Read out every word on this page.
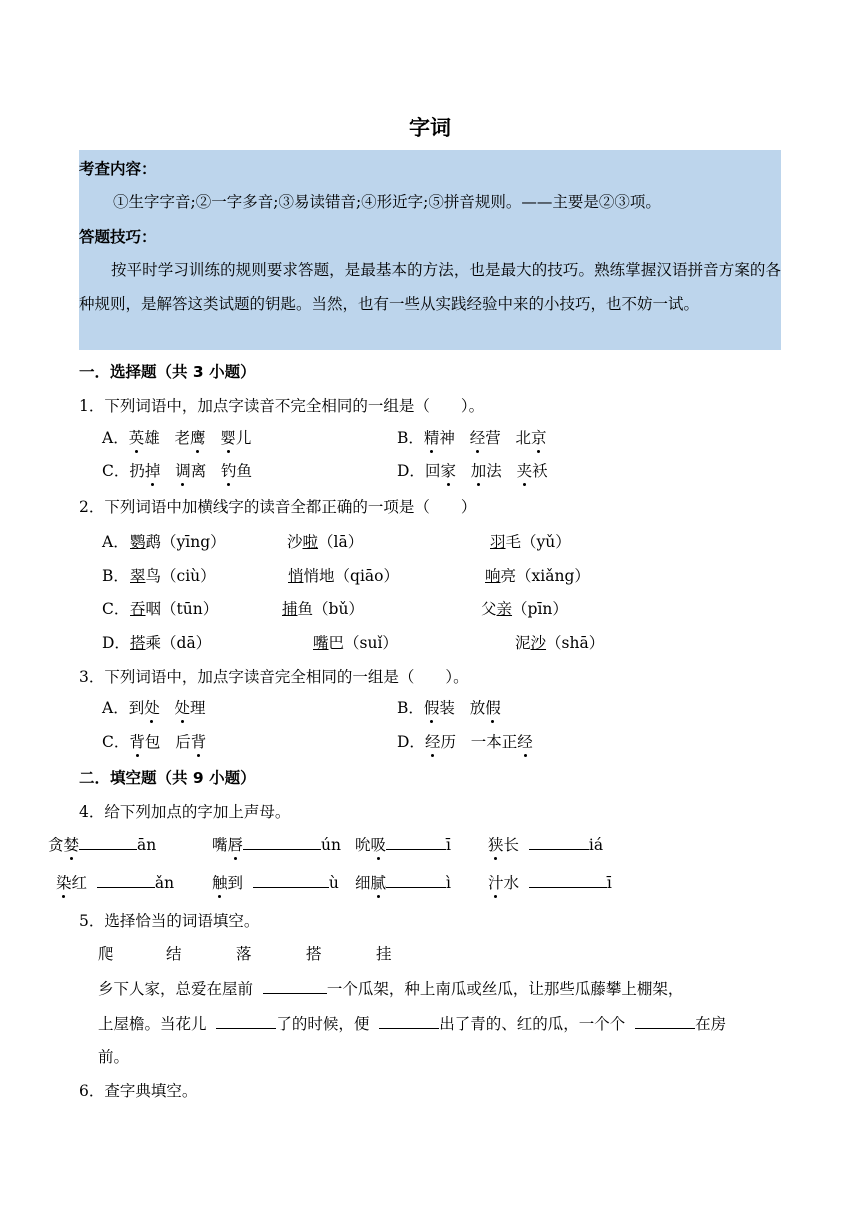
字词
考查内容：
①生字字音;②一字多音;③易读错音;④形近字;⑤拼音规则。——主要是②③项。
答题技巧：
按平时学习训练的规则要求答题，是最基本的方法，也是最大的技巧。熟练掌握汉语拼音方案的各种规则，是解答这类试题的钥匙。当然，也有一些从实践经验中来的小技巧，也不妨一试。
一．选择题（共 3 小题）
1．下列词语中，加点字读音不完全相同的一组是（　　）。
A．英雄 老鹰 婴儿	B．精神 经营 北京
C．扔掉 调离 钓鱼	D．回家 加法 夹袄
2．下列词语中加横线字的读音全都正确的一项是（　　）
A． 鹦鹉（yīng）	沙啦（lā）	羽毛（yǔ）
B． 翠鸟（ciù）	悄悄地（qiāo）	响亮（xiǎng）
C． 吞咽（tūn）	捕鱼（bǔ）	父亲（pīn）
D． 搭乘（dā）	嘴巴（suǐ）	泥沙（shā）
3．下列词语中，加点字读音完全相同的一组是（　　）。
A．到处 处理	B．假装 放假
C．背包 后背	D．经历 一本正经
二．填空题（共 9 小题）
4．给下列加点的字加上声母。
贪婪	ān	嘴唇	ún 吮吸	ī 狭长	iá
染红	ǎn 触到	ù 细腻	ì 汁水	ī
5．选择恰当的词语填空。
爬	结	落	搭	挂
乡下人家，总爱在屋前	一个瓜架，种上南瓜或丝瓜，让那些瓜藤攀上棚架，
上屋檐。当花儿	了的时候，便	出了青的、红的瓜，一个个	在房
前。
6．查字典填空。
